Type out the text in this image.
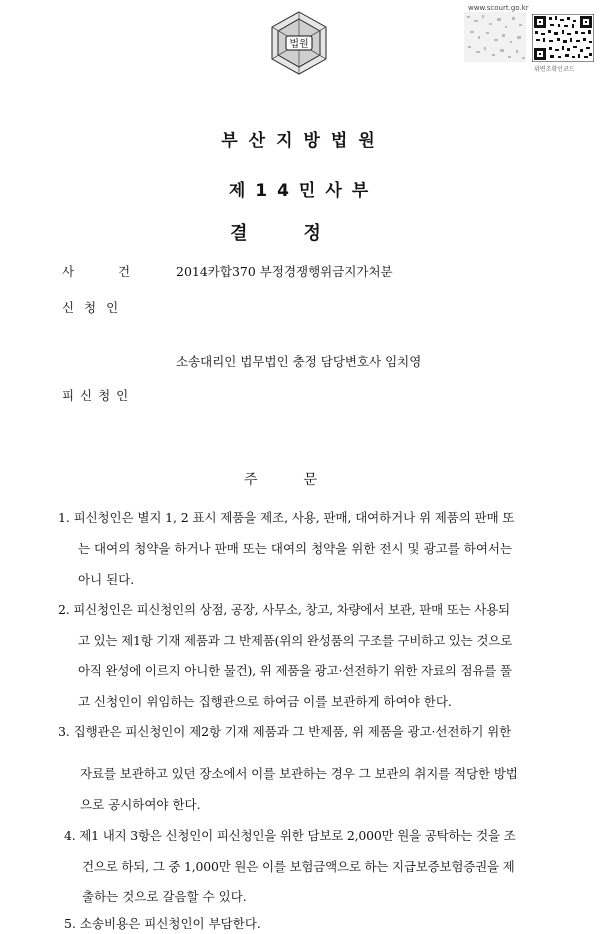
법원
www.scourt.go.kr
위변조확인코드
부산지방법원
제14민사부
결정
사 건	2014카합370 부정경쟁행위금지가처분
신 청 인
소송대리인 법무법인 충정 담당변호사 임치영
피 신 청 인
주문
1. 피신청인은 별지 1, 2 표시 제품을 제조, 사용, 판매, 대여하거나 위 제품의 판매 또
는 대여의 청약을 하거나 판매 또는 대여의 청약을 위한 전시 및 광고를 하여서는
아니 된다.
2. 피신청인은 피신청인의 상점, 공장, 사무소, 창고, 차량에서 보관, 판매 또는 사용되
고 있는 제1항 기재 제품과 그 반제품(위의 완성품의 구조를 구비하고 있는 것으로
아직 완성에 이르지 아니한 물건), 위 제품을 광고·선전하기 위한 자료의 점유를 풀
고 신청인이 위임하는 집행관으로 하여금 이를 보관하게 하여야 한다.
3. 집행관은 피신청인이 제2항 기재 제품과 그 반제품, 위 제품을 광고·선전하기 위한
자료를 보관하고 있던 장소에서 이를 보관하는 경우 그 보관의 취지를 적당한 방법
으로 공시하여야 한다.
4. 제1 내지 3항은 신청인이 피신청인을 위한 담보로 2,000만 원을 공탁하는 것을 조
건으로 하되, 그 중 1,000만 원은 이를 보험금액으로 하는 지급보증보험증권을 제
출하는 것으로 갈음할 수 있다.
5. 소송비용은 피신청인이 부담한다.
